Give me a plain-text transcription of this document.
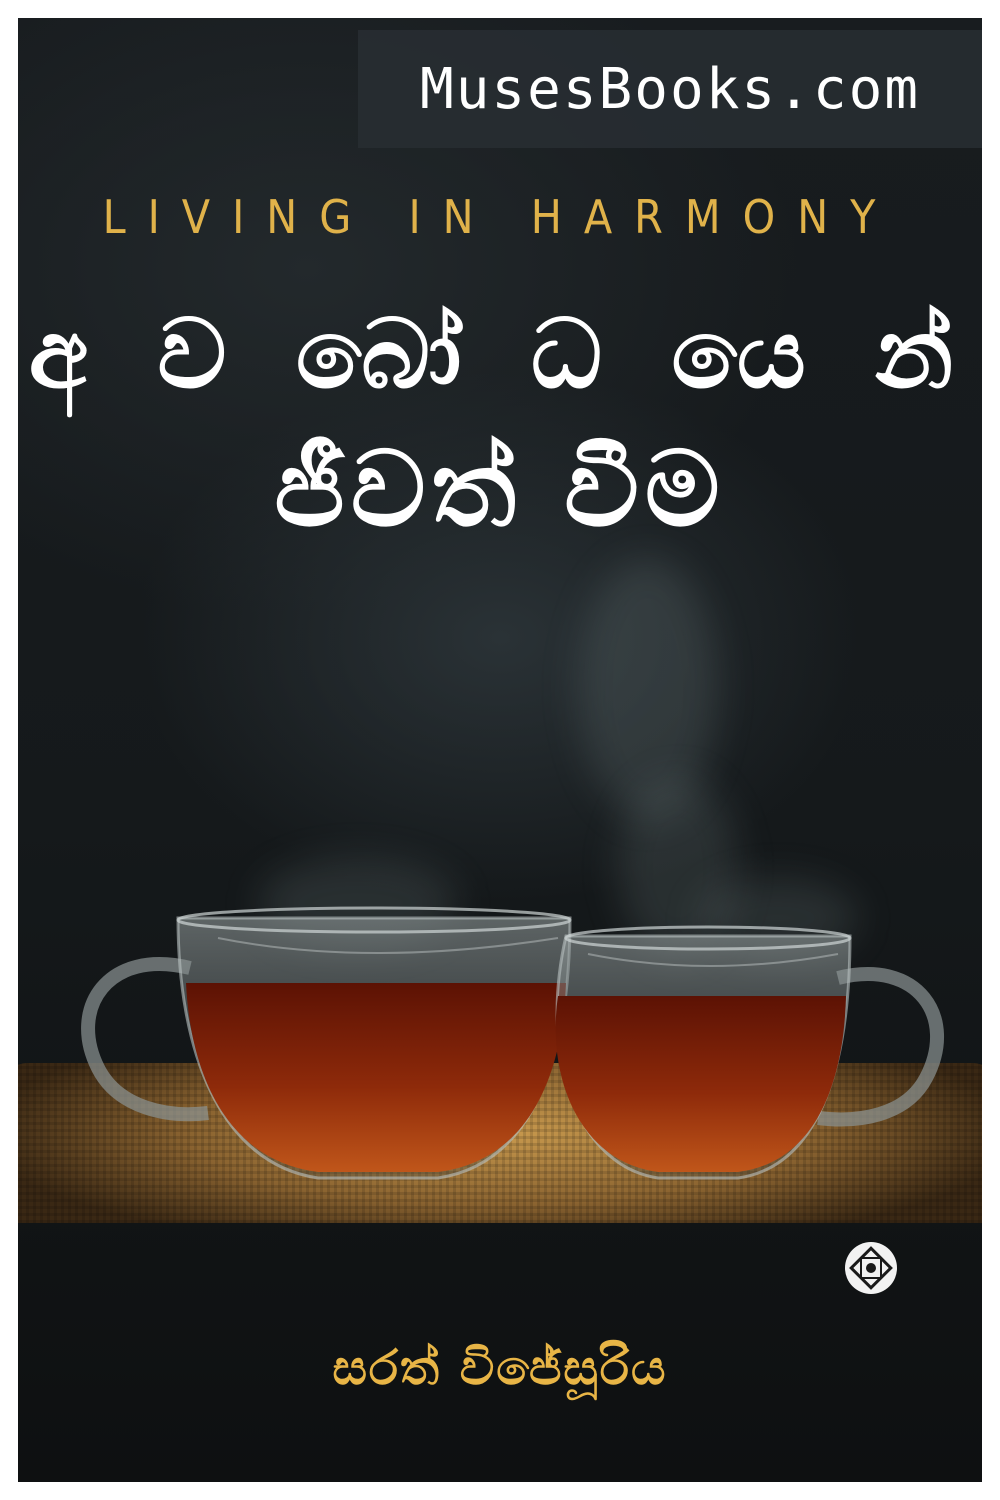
MusesBooks.com
LIVING IN HARMONY
අ ව බෝ ධ යෙ න්
ජීවත් වීම
සරත් විජේසූරිය
